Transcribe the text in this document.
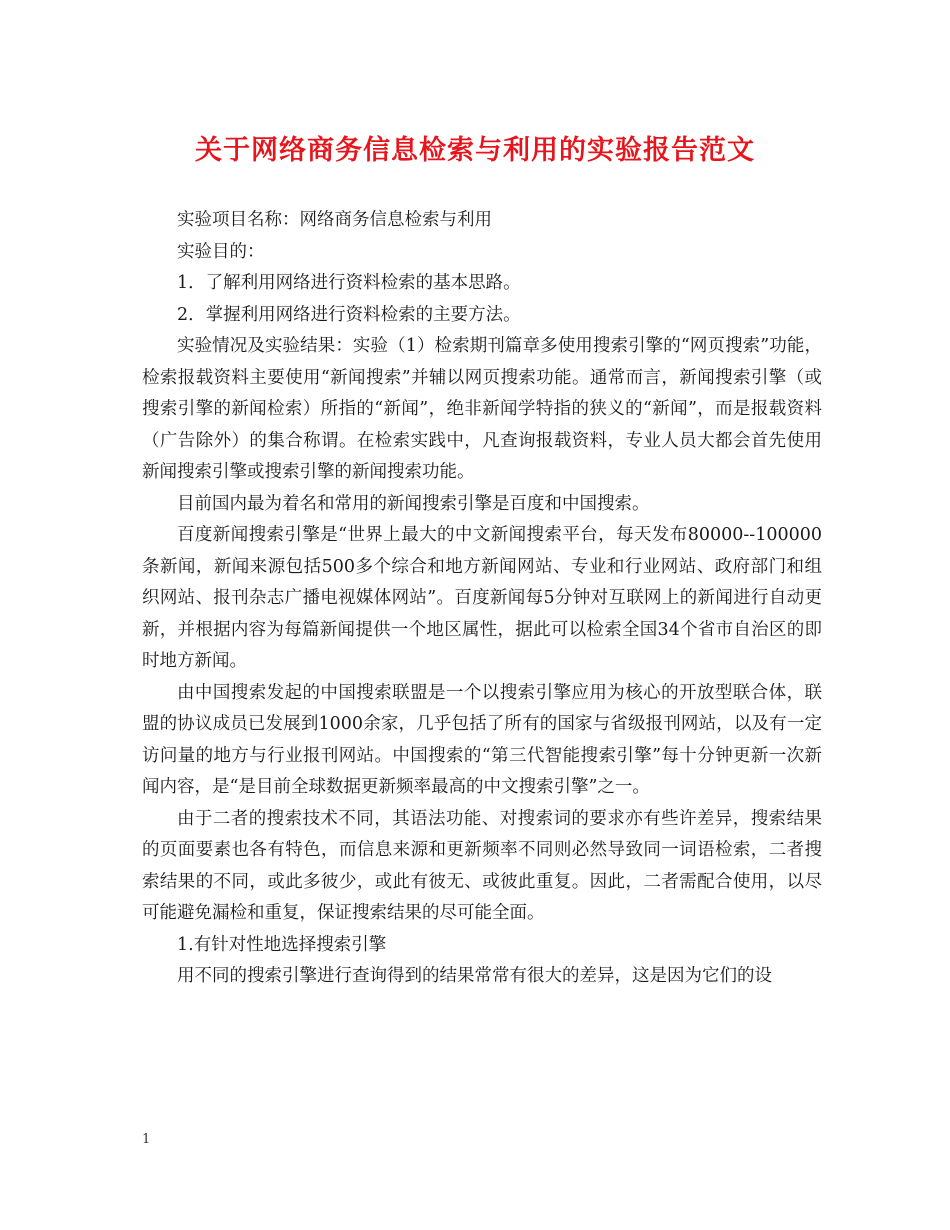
关于网络商务信息检索与利用的实验报告范文

实验项目名称：网络商务信息检索与利用

实验目的：

1．了解利用网络进行资料检索的基本思路。

2．掌握利用网络进行资料检索的主要方法。

实验情况及实验结果：实验（1）检索期刊篇章多使用搜索引擎的“网页搜索”功能，检索报载资料主要使用“新闻搜索”并辅以网页搜索功能。通常而言，新闻搜索引擎（或搜索引擎的新闻检索）所指的“新闻”，绝非新闻学特指的狭义的“新闻”，而是报载资料（广告除外）的集合称谓。在检索实践中，凡查询报载资料，专业人员大都会首先使用新闻搜索引擎或搜索引擎的新闻搜索功能。

目前国内最为着名和常用的新闻搜索引擎是百度和中国搜索。

百度新闻搜索引擎是“世界上最大的中文新闻搜索平台，每天发布80000--100000条新闻，新闻来源包括500多个综合和地方新闻网站、专业和行业网站、政府部门和组织网站、报刊杂志广播电视媒体网站”。百度新闻每5分钟对互联网上的新闻进行自动更新，并根据内容为每篇新闻提供一个地区属性，据此可以检索全国34个省市自治区的即时地方新闻。

由中国搜索发起的中国搜索联盟是一个以搜索引擎应用为核心的开放型联合体，联盟的协议成员已发展到1000余家，几乎包括了所有的国家与省级报刊网站，以及有一定访问量的地方与行业报刊网站。中国搜索的“第三代智能搜索引擎”每十分钟更新一次新闻内容，是“是目前全球数据更新频率最高的中文搜索引擎”之一。

由于二者的搜索技术不同，其语法功能、对搜索词的要求亦有些许差异，搜索结果的页面要素也各有特色，而信息来源和更新频率不同则必然导致同一词语检索，二者搜索结果的不同，或此多彼少，或此有彼无、或彼此重复。因此，二者需配合使用，以尽可能避免漏检和重复，保证搜索结果的尽可能全面。

1.有针对性地选择搜索引擎

用不同的搜索引擎进行查询得到的结果常常有很大的差异，这是因为它们的设

1
